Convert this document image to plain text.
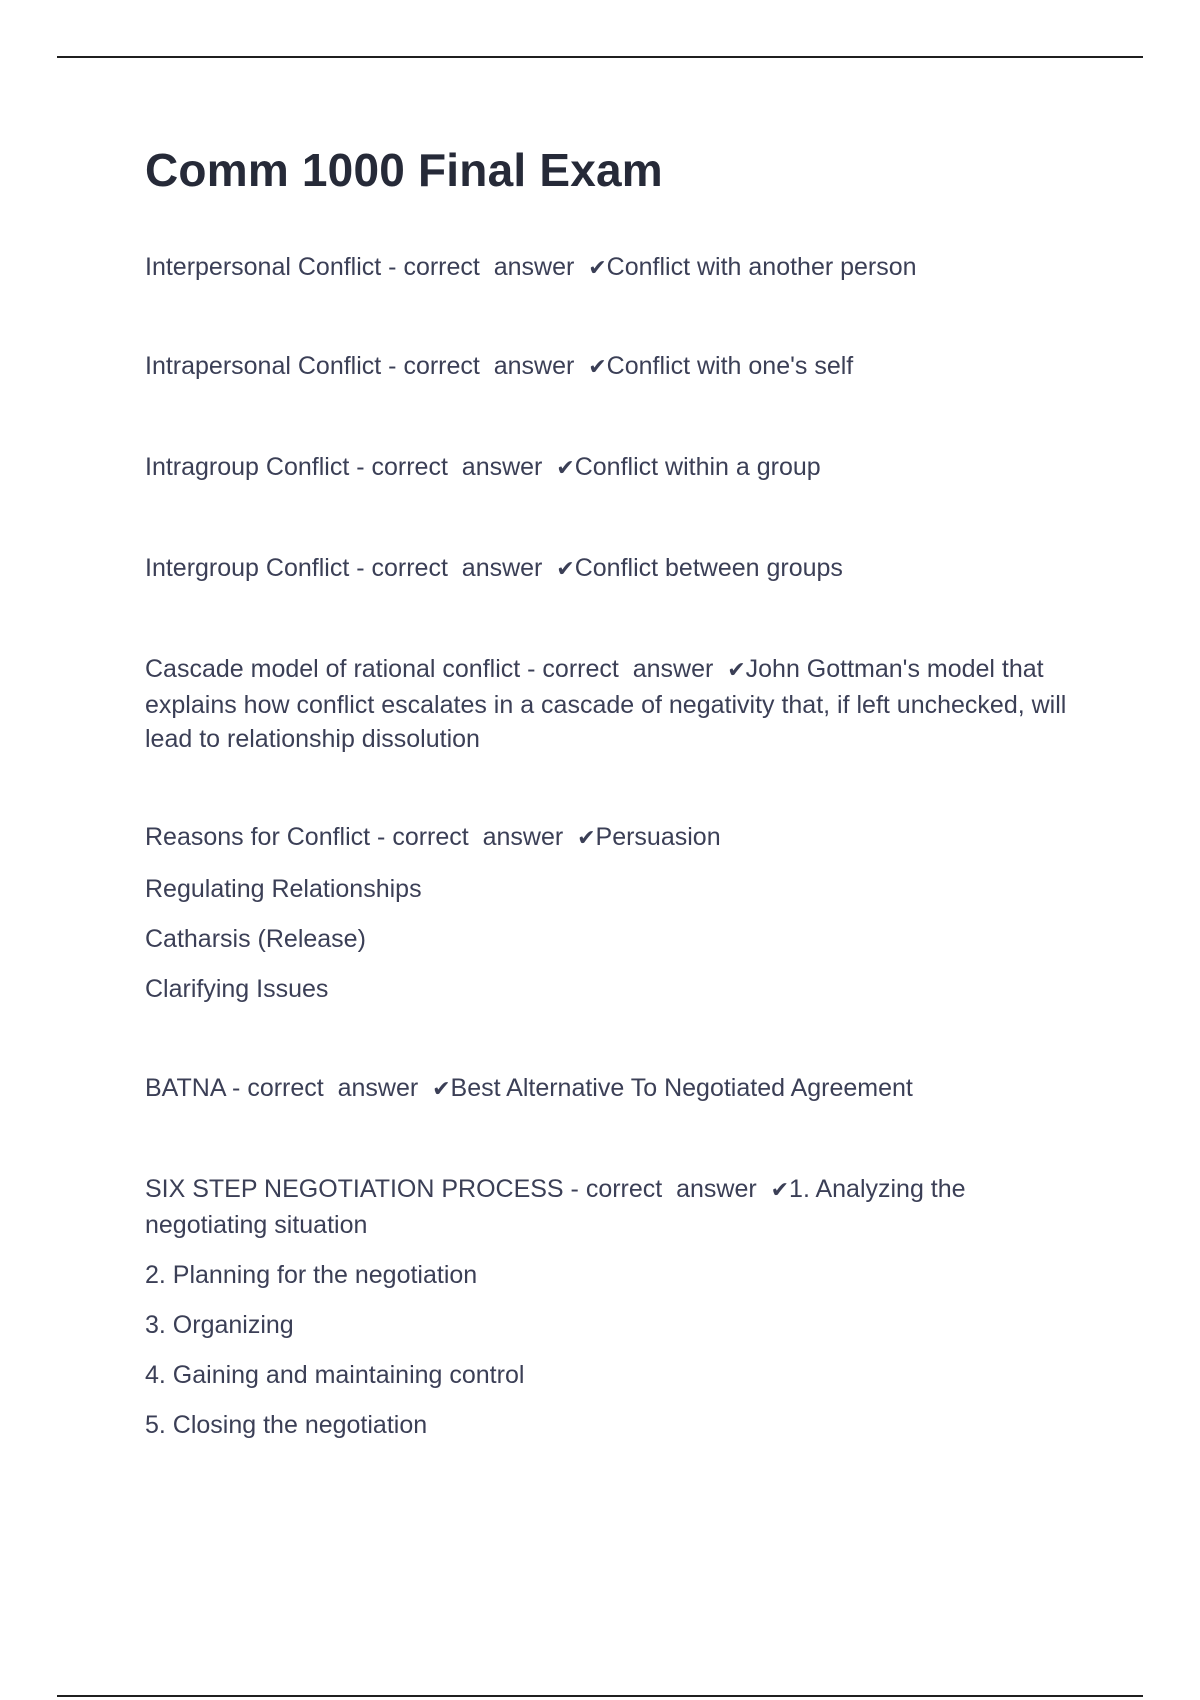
Comm 1000 Final Exam
Interpersonal Conflict - correct  answer  ✔Conflict with another person
Intrapersonal Conflict - correct  answer  ✔Conflict with one's self
Intragroup Conflict - correct  answer  ✔Conflict within a group
Intergroup Conflict - correct  answer  ✔Conflict between groups
Cascade model of rational conflict - correct  answer  ✔John Gottman's model that explains how conflict escalates in a cascade of negativity that, if left unchecked, will lead to relationship dissolution
Reasons for Conflict - correct  answer  ✔Persuasion
Regulating Relationships
Catharsis (Release)
Clarifying Issues
BATNA - correct  answer  ✔Best Alternative To Negotiated Agreement
SIX STEP NEGOTIATION PROCESS - correct  answer  ✔1. Analyzing the negotiating situation
2. Planning for the negotiation
3. Organizing
4. Gaining and maintaining control
5. Closing the negotiation
